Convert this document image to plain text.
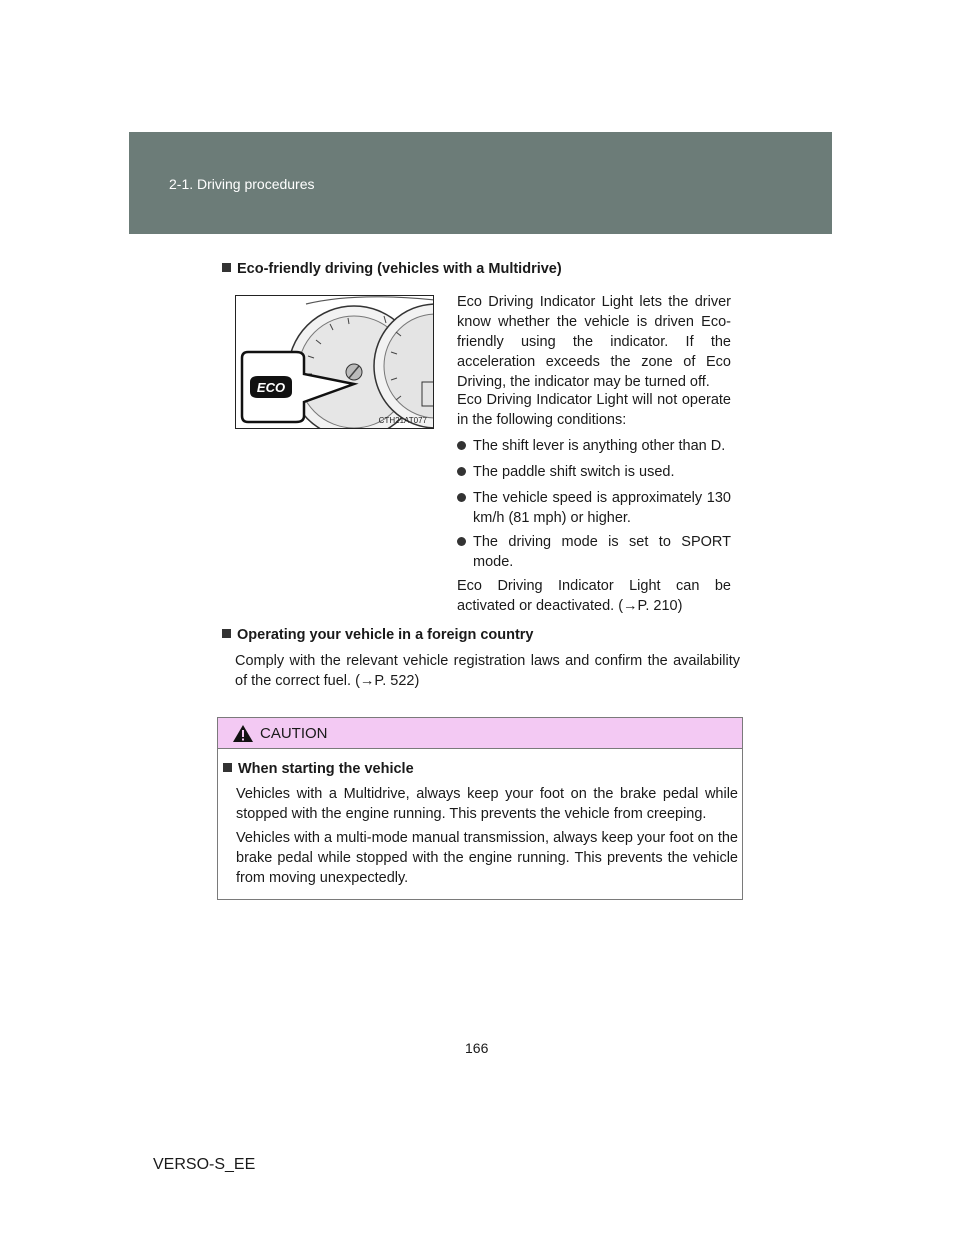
2-1. Driving procedures
Eco-friendly driving (vehicles with a Multidrive)
ECO
CTH21AT077

Eco Driving Indicator Light lets the driver know whether the vehicle is driven Eco-friendly using the indicator. If the acceleration exceeds the zone of Eco Driving, the indicator may be turned off.

Eco Driving Indicator Light will not operate in the following conditions:

The shift lever is anything other than D.
The paddle shift switch is used.
The vehicle speed is approximately 130 km/h (81 mph) or higher.
The driving mode is set to SPORT mode.

Eco Driving Indicator Light can be activated or deactivated. (→P. 210)

Operating your vehicle in a foreign country

Comply with the relevant vehicle registration laws and confirm the availability of the correct fuel. (→P. 522)

CAUTION
When starting the vehicle

Vehicles with a Multidrive, always keep your foot on the brake pedal while stopped with the engine running. This prevents the vehicle from creeping.

Vehicles with a multi-mode manual transmission, always keep your foot on the brake pedal while stopped with the engine running. This prevents the vehicle from moving unexpectedly.

166
VERSO-S_EE
